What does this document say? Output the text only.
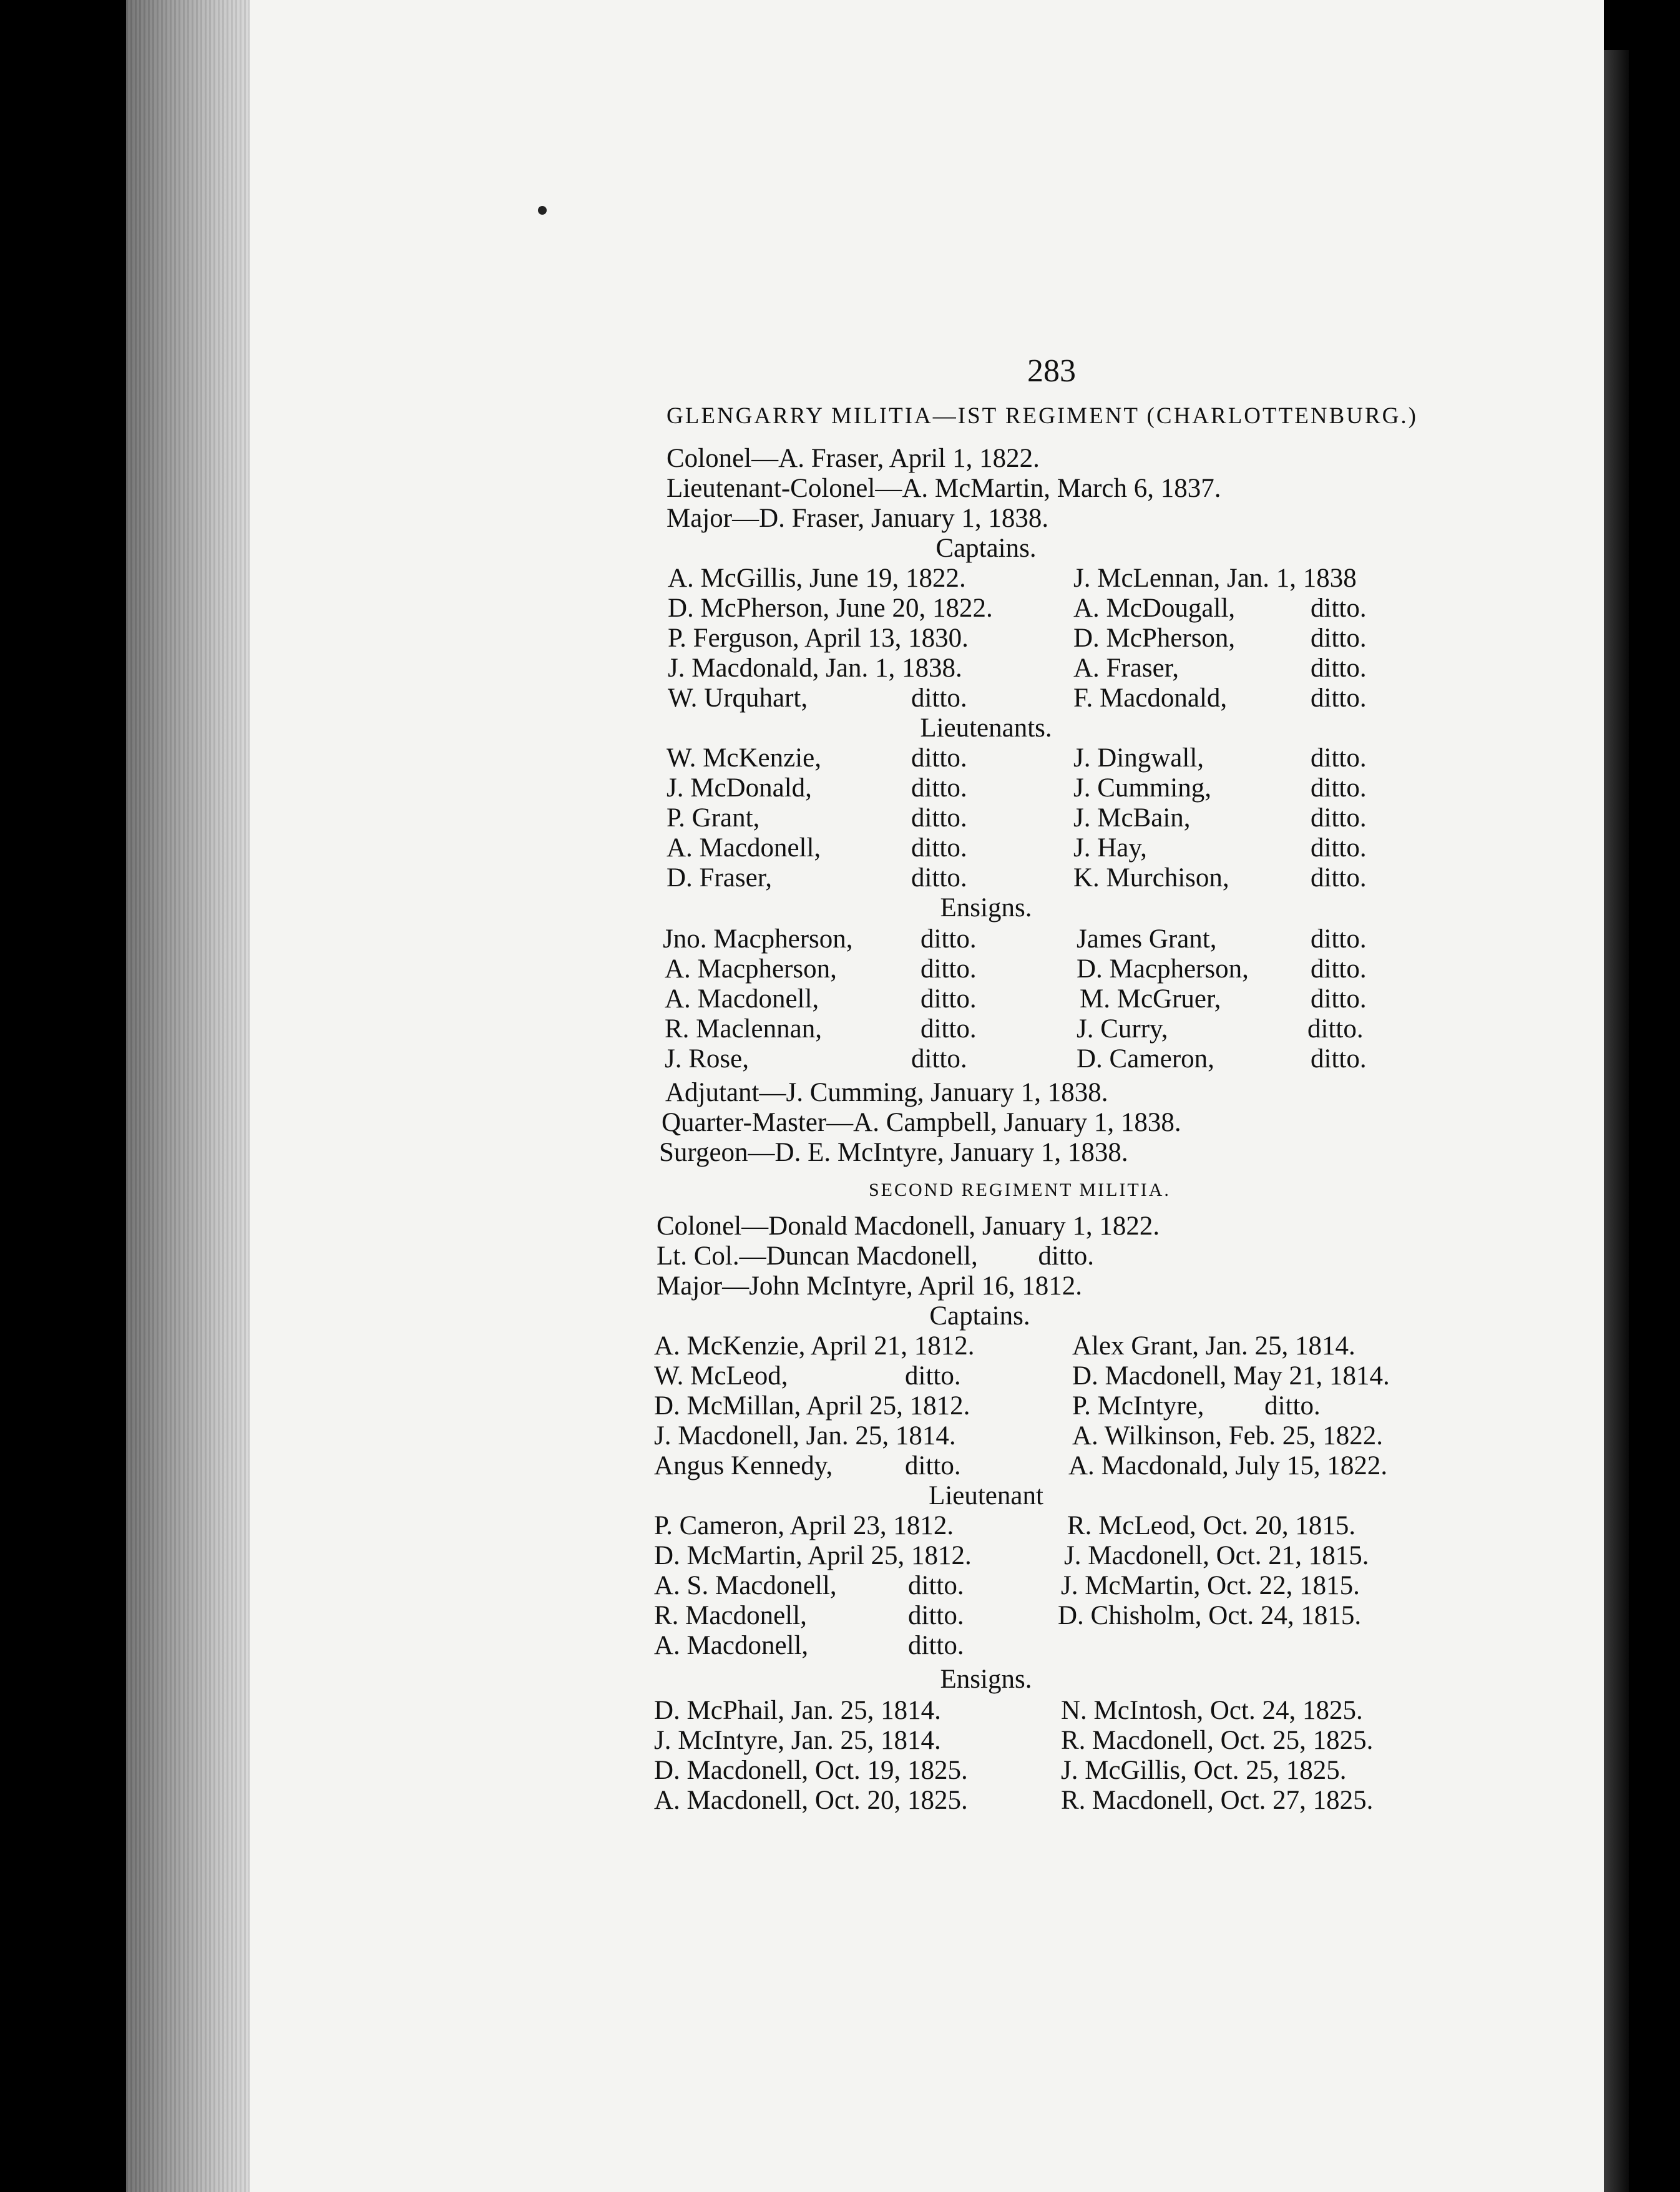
283
GLENGARRY MILITIA—IST REGIMENT (CHARLOTTENBURG.)
Colonel—A. Fraser, April 1, 1822.
Lieutenant-Colonel—A. McMartin, March 6, 1837.
Major—D. Fraser, January 1, 1838.
Captains.
A. McGillis, June 19, 1822.	J. McLennan, Jan. 1, 1838
D. McPherson, June 20, 1822.	A. McDougall,	ditto.
P. Ferguson, April 13, 1830.	D. McPherson,	ditto.
J. Macdonald, Jan. 1, 1838.	A. Fraser,	ditto.
W. Urquhart,	ditto.	F. Macdonald,	ditto.
Lieutenants.
W. McKenzie,	ditto.	J. Dingwall,	ditto.
J. McDonald,	ditto.	J. Cumming,	ditto.
P. Grant,	ditto.	J. McBain,	ditto.
A. Macdonell,	ditto.	J. Hay,	ditto.
D. Fraser,	ditto.	K. Murchison,	ditto.
Ensigns.
Jno. Macpherson,	ditto.	James Grant,	ditto.
A. Macpherson,	ditto.	D. Macpherson, ditto.
A. Macdonell,	ditto.	M. McGruer,	ditto.
R. Maclennan,	ditto.	J. Curry,	ditto.
J. Rose,	ditto.	D. Cameron,	ditto.
Adjutant—J. Cumming, January 1, 1838.
Quarter-Master—A. Campbell, January 1, 1838.
Surgeon—D. E. McIntyre, January 1, 1838.
SECOND REGIMENT MILITIA.
Colonel—Donald Macdonell, January 1, 1822.
Lt. Col.—Duncan Macdonell,         ditto.
Major—John McIntyre, April 16, 1812.
Captains.
A. McKenzie, April 21, 1812.	Alex Grant, Jan. 25, 1814.
W. McLeod,	ditto.	D. Macdonell, May 21, 1814.
D. McMillan, April 25, 1812.	P. McIntyre,         ditto.
J. Macdonell, Jan. 25, 1814.	A. Wilkinson, Feb. 25, 1822.
Angus Kennedy,	ditto.	A. Macdonald, July 15, 1822.
Lieutenant
P. Cameron, April 23, 1812.	R. McLeod, Oct. 20, 1815.
D. McMartin, April 25, 1812.	J. Macdonell, Oct. 21, 1815.
A. S. Macdonell,	ditto.	J. McMartin, Oct. 22, 1815.
R. Macdonell,	ditto.	D. Chisholm, Oct. 24, 1815.
A. Macdonell,	ditto.
Ensigns.
D. McPhail, Jan. 25, 1814.	N. McIntosh, Oct. 24, 1825.
J. McIntyre, Jan. 25, 1814.	R. Macdonell, Oct. 25, 1825.
D. Macdonell, Oct. 19, 1825.	J. McGillis, Oct. 25, 1825.
A. Macdonell, Oct. 20, 1825.	R. Macdonell, Oct. 27, 1825.
